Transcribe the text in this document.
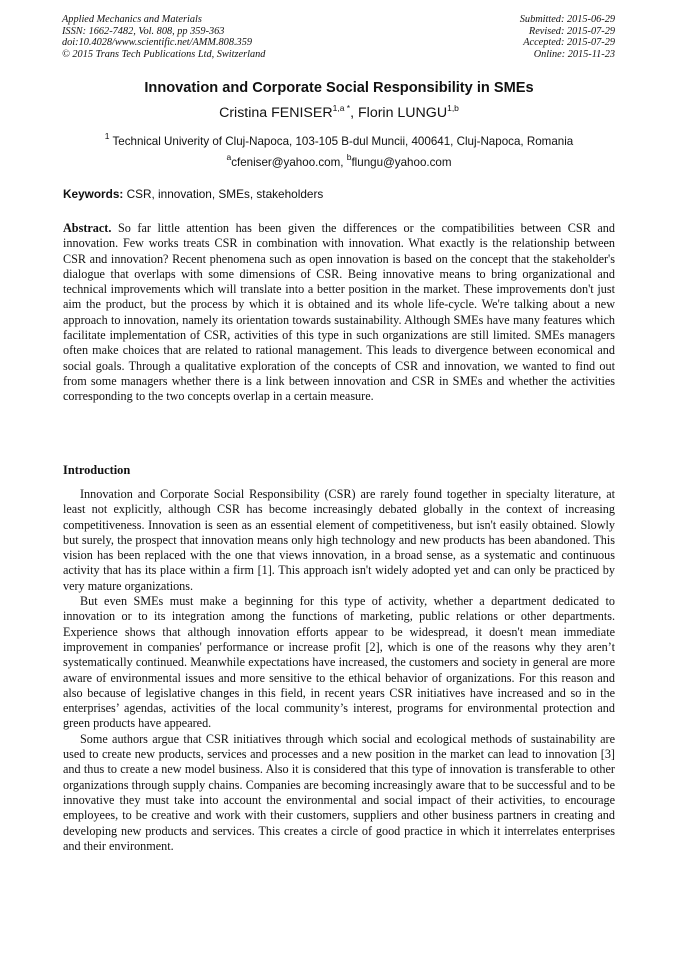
Applied Mechanics and Materials
ISSN: 1662-7482, Vol. 808, pp 359-363
doi:10.4028/www.scientific.net/AMM.808.359
© 2015 Trans Tech Publications Ltd, Switzerland
Submitted: 2015-06-29
Revised: 2015-07-29
Accepted: 2015-07-29
Online: 2015-11-23
Innovation and Corporate Social Responsibility in SMEs
Cristina $FENISER^{1,a *}$, Florin LUNGU$^{1,b}$
$^1$ Technical Univerity of Cluj-Napoca, 103-105 B-dul Muncii, 400641, Cluj-Napoca, Romania
$^a$cfeniser@yahoo.com, $^b$flungu@yahoo.com
Keywords: CSR, innovation, SMEs, stakeholders
Abstract. So far little attention has been given the differences or the compatibilities between CSR and innovation. Few works treats CSR in combination with innovation. What exactly is the relationship between CSR and innovation? Recent phenomena such as open innovation is based on the concept that the stakeholder's dialogue that overlaps with some dimensions of CSR. Being innovative means to bring organizational and technical improvements which will translate into a better position in the market. These improvements don't just aim the product, but the process by which it is obtained and its whole life-cycle. We're talking about a new approach to innovation, namely its orientation towards sustainability. Although SMEs have many features which facilitate implementation of CSR, activities of this type in such organizations are still limited. SMEs managers often make choices that are related to rational management. This leads to divergence between economical and social goals. Through a qualitative exploration of the concepts of CSR and innovation, we wanted to find out from some managers whether there is a link between innovation and CSR in SMEs and whether the activities corresponding to the two concepts overlap in a certain measure.
Introduction

Innovation and Corporate Social Responsibility (CSR) are rarely found together in specialty literature, at least not explicitly, although CSR has become increasingly debated globally in the context of increasing competitiveness. Innovation is seen as an essential element of competitiveness, but isn't easily obtained. Slowly but surely, the prospect that innovation means only high technology and new products has been abandoned. This vision has been replaced with the one that views innovation, in a broad sense, as a systematic and continuous activity that has its place within a firm [1]. This approach isn't widely adopted yet and can only be practiced by very mature organizations.

But even SMEs must make a beginning for this type of activity, whether a department dedicated to innovation or to its integration among the functions of marketing, public relations or other departments. Experience shows that although innovation efforts appear to be widespread, it doesn't mean immediate improvement in companies' performance or increase profit [2], which is one of the reasons why they aren’t systematically continued. Meanwhile expectations have increased, the customers and society in general are more aware of environmental issues and more sensitive to the ethical behavior of organizations. For this reason and also because of legislative changes in this field, in recent years CSR initiatives have increased and so in the enterprises’ agendas, activities of the local community’s interest, programs for environmental protection and green products have appeared.

Some authors argue that CSR initiatives through which social and ecological methods of sustainability are used to create new products, services and processes and a new position in the market can lead to innovation [3] and thus to create a new model business. Also it is considered that this type of innovation is transferable to other organizations through supply chains. Companies are becoming increasingly aware that to be successful and to be innovative they must take into account the environmental and social impact of their activities, to encourage employees, to be creative and work with their customers, suppliers and other business partners in creating and developing new products and services. This creates a circle of good practice in which it interrelates enterprises and their environment.
